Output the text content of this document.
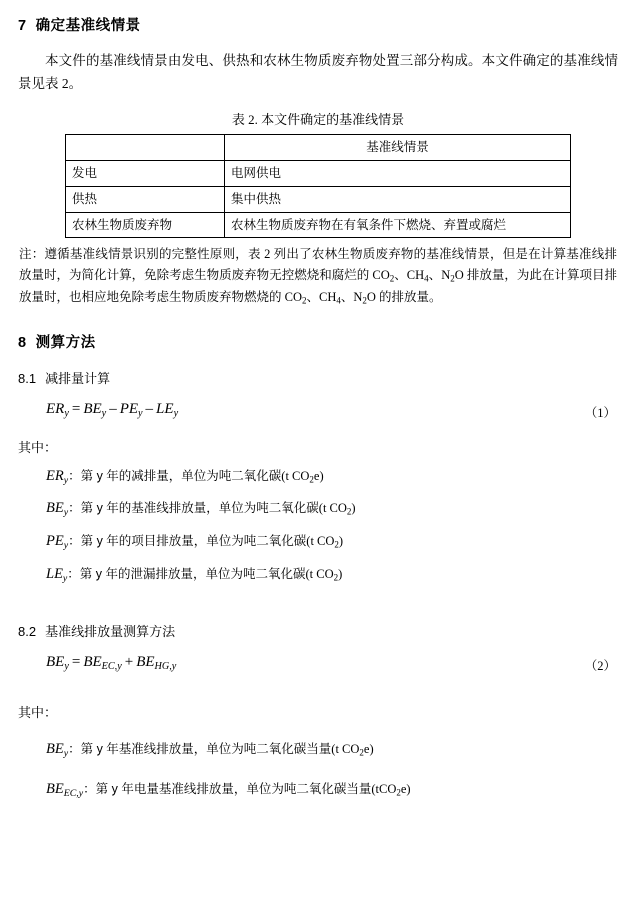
7 确定基准线情景

本文件的基准线情景由发电、供热和农林生物质废弃物处置三部分构成。本文件确定的基准线情景见表 2。

表 2. 本文件确定的基准线情景
	基准线情景
发电	电网供电
供热	集中供热
农林生物质废弃物	农林生物质废弃物在有氧条件下燃烧、弃置或腐烂

注：遵循基准线情景识别的完整性原则，表 2 列出了农林生物质废弃物的基准线情景，但是在计算基准线排放量时，为简化计算，免除考虑生物质废弃物无控燃烧和腐烂的 $CO_2$、$CH_4$、$N_2O$ 排放量，为此在计算项目排放量时，也相应地免除考虑生物质废弃物燃烧的 $CO_2$、$CH_4$、$N_2O$ 的排放量。

8 测算方法
8.1 减排量计算
$ER_y = BE_y - PE_y - LE_y$	（1）
其中：
$ER_y$：第 y 年的减排量，单位为吨二氧化碳(t $CO_2e$)
$BE_y$：第 y 年的基准线排放量，单位为吨二氧化碳(t $CO_2$)
$PE_y$：第 y 年的项目排放量，单位为吨二氧化碳(t $CO_2$)
$LE_y$：第 y 年的泄漏排放量，单位为吨二氧化碳(t $CO_2$)
8.2 基准线排放量测算方法
$BE_y = BE_{EC,y} + BE_{HG,y}$	（2）
其中：
$BE_y$：第 y 年基准线排放量，单位为吨二氧化碳当量(t $CO_2e$)
$BE_{EC,y}$：第 y 年电量基准线排放量，单位为吨二氧化碳当量(tCO$_2$e)
